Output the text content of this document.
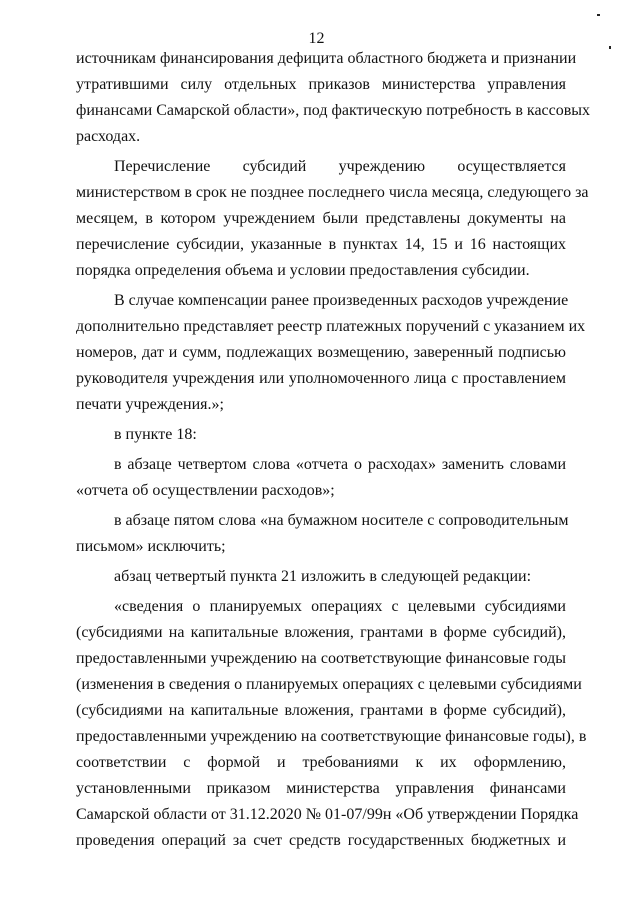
12
источникам финансирования дефицита областного бюджета и признании
утратившими силу отдельных приказов министерства управления
финансами Самарской области», под фактическую потребность в кассовых
расходах.
Перечисление субсидий учреждению осуществляется
министерством в срок не позднее последнего числа месяца, следующего за
месяцем, в котором учреждением были представлены документы на
перечисление субсидии, указанные в пунктах 14, 15 и 16 настоящих
порядка определения объема и условии предоставления субсидии.
В случае компенсации ранее произведенных расходов учреждение
дополнительно представляет реестр платежных поручений с указанием их
номеров, дат и сумм, подлежащих возмещению, заверенный подписью
руководителя учреждения или уполномоченного лица с проставлением
печати учреждения.»;
в пункте 18:
в абзаце четвертом слова «отчета о расходах» заменить словами
«отчета об осуществлении расходов»;
в абзаце пятом слова «на бумажном носителе с сопроводительным
письмом» исключить;
абзац четвертый пункта 21 изложить в следующей редакции:
«сведения о планируемых операциях с целевыми субсидиями
(субсидиями на капитальные вложения, грантами в форме субсидий),
предоставленными учреждению на соответствующие финансовые годы
(изменения в сведения о планируемых операциях с целевыми субсидиями
(субсидиями на капитальные вложения, грантами в форме субсидий),
предоставленными учреждению на соответствующие финансовые годы), в
соответствии с формой и требованиями к их оформлению,
установленными приказом министерства управления финансами
Самарской области от 31.12.2020 № 01-07/99н «Об утверждении Порядка
проведения операций за счет средств государственных бюджетных и
